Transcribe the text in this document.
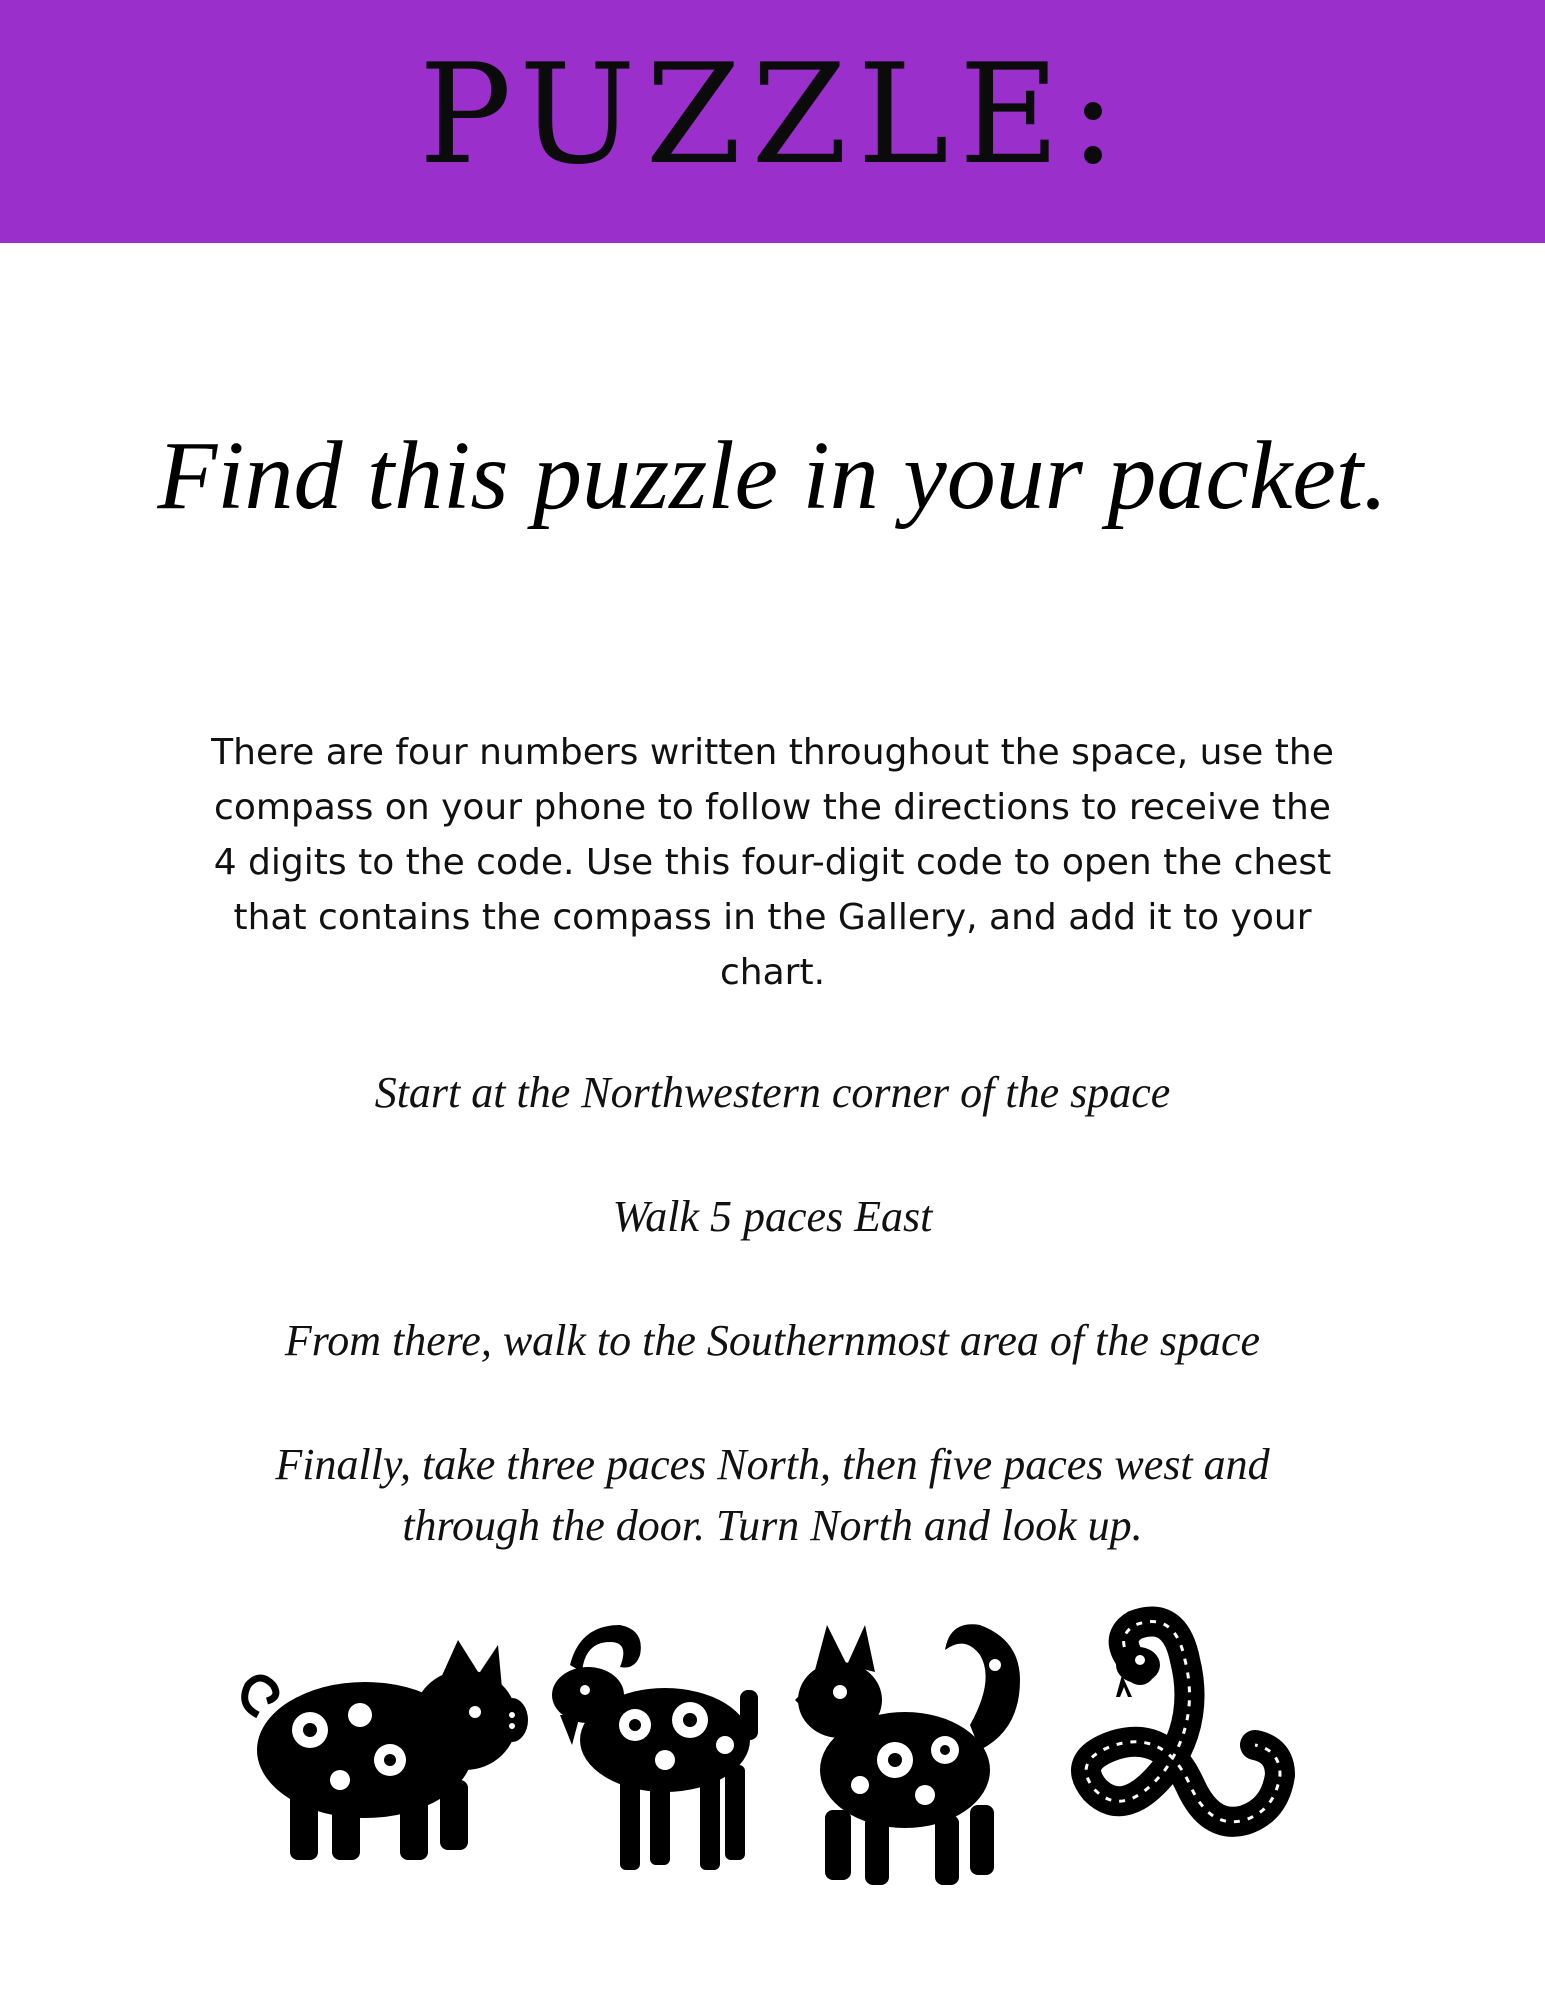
PUZZLE:
Find this puzzle in your packet.
There are four numbers written throughout the space, use the compass on your phone to follow the directions to receive the 4 digits to the code. Use this four-digit code to open the chest that contains the compass in the Gallery, and add it to your chart.

Start at the Northwestern corner of the space

Walk 5 paces East

From there, walk to the Southernmost area of the space

Finally, take three paces North, then five paces west and through the door. Turn North and look up.
